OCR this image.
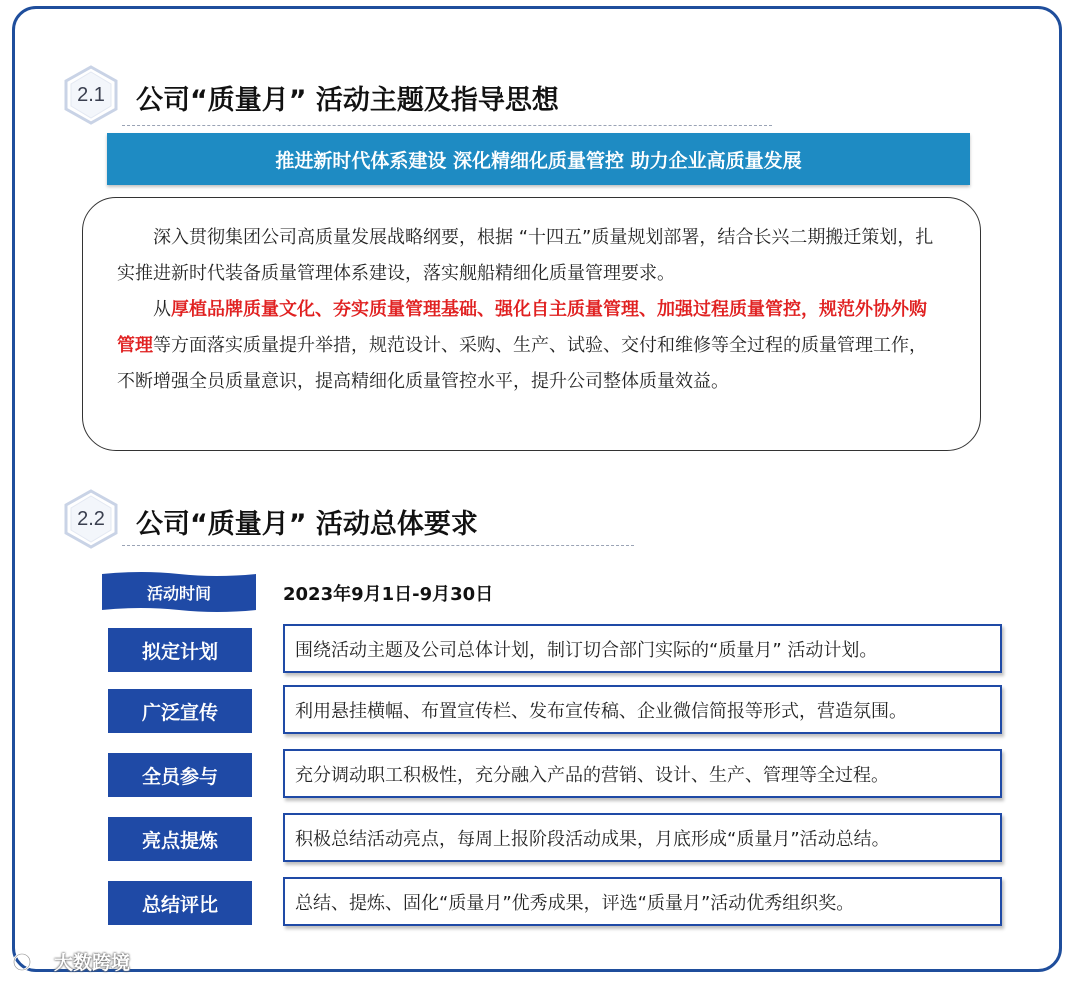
2.1	公司“质量月” 活动主题及指导思想
推进新时代体系建设 深化精细化质量管控 助力企业高质量发展

深入贯彻集团公司高质量发展战略纲要，根据 “十四五”质量规划部署，结合长兴二期搬迁策划，扎实推进新时代装备质量管理体系建设，落实舰船精细化质量管理要求。

从厚植品牌质量文化、夯实质量管理基础、强化自主质量管理、加强过程质量管控，规范外协外购管理等方面落实质量提升举措，规范设计、采购、生产、试验、交付和维修等全过程的质量管理工作，不断增强全员质量意识，提高精细化质量管控水平，提升公司整体质量效益。

2.2	公司“质量月” 活动总体要求
活动时间	2023年9月1日-9月30日
拟定计划	围绕活动主题及公司总体计划，制订切合部门实际的“质量月” 活动计划。
广泛宣传	利用悬挂横幅、布置宣传栏、发布宣传稿、企业微信简报等形式，营造氛围。
全员参与	充分调动职工积极性，充分融入产品的营销、设计、生产、管理等全过程。
亮点提炼	积极总结活动亮点，每周上报阶段活动成果，月底形成“质量月”活动总结。
总结评比	总结、提炼、固化“质量月”优秀成果，评选“质量月”活动优秀组织奖。
大数跨境
